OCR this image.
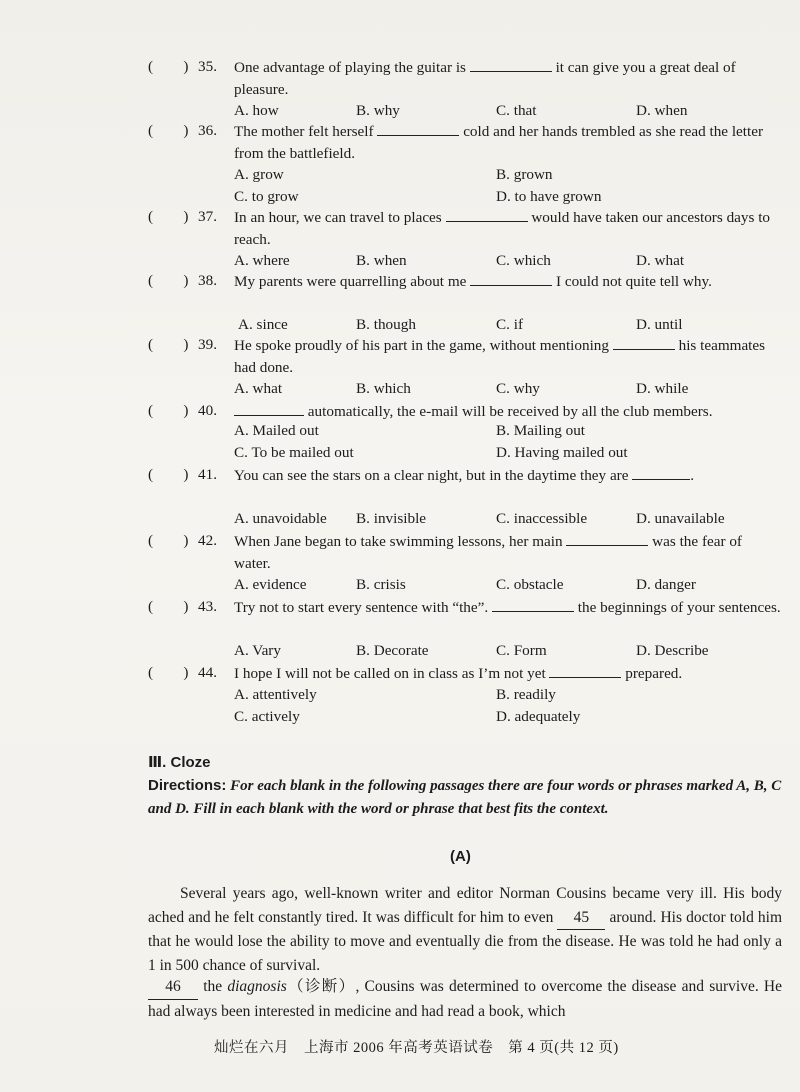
(　　) 35. One advantage of playing the guitar is	it can give you a great deal of pleasure.
A. how	B. why	C. that	D. when
(　　) 36. The mother felt herself	cold and her hands trembled as she read the letter from the battlefield.
A. grow	B. grown
C. to grow	D. to have grown
(　　) 37. In an hour, we can travel to places	would have taken our ancestors days to reach.
A. where	B. when	C. which	D. what
(　　) 38. My parents were quarrelling about me	I could not quite tell why.
A. since	B. though	C. if	D. until
(　　) 39. He spoke proudly of his part in the game, without mentioning	his teammates had done.
A. what	B. which	C. why	D. while
(　　) 40.	automatically, the e-mail will be received by all the club members.
A. Mailed out	B. Mailing out
C. To be mailed out	D. Having mailed out
(　　) 41. You can see the stars on a clear night, but in the daytime they are	.
A. unavoidable B. invisible	C. inaccessible	D. unavailable
(　　) 42. When Jane began to take swimming lessons, her main	was the fear of water.
A. evidence	B. crisis	C. obstacle	D. danger
(　　) 43. Try not to start every sentence with “the”.	the beginnings of your sentences.
A. Vary	B. Decorate	C. Form	D. Describe
(　　) 44. I hope I will not be called on in class as I’m not yet	prepared.
A. attentively	B. readily
C. actively	D. adequately
Ⅲ. Cloze
Directions: For each blank in the following passages there are four words or phrases marked A, B, C and D. Fill in each blank with the word or phrase that best fits the context.
(A)
Several years ago, well-known writer and editor Norman Cousins became very ill. His body ached and he felt constantly tired. It was difficult for him to even 45 around. His doctor told him that he would lose the ability to move and eventually die from the disease. He was told he had only a 1 in 500 chance of survival.
46 the diagnosis（诊断）, Cousins was determined to overcome the disease and survive. He had always been interested in medicine and had read a book, which
灿烂在六月　上海市 2006 年高考英语试卷　第 4 页(共 12 页)
